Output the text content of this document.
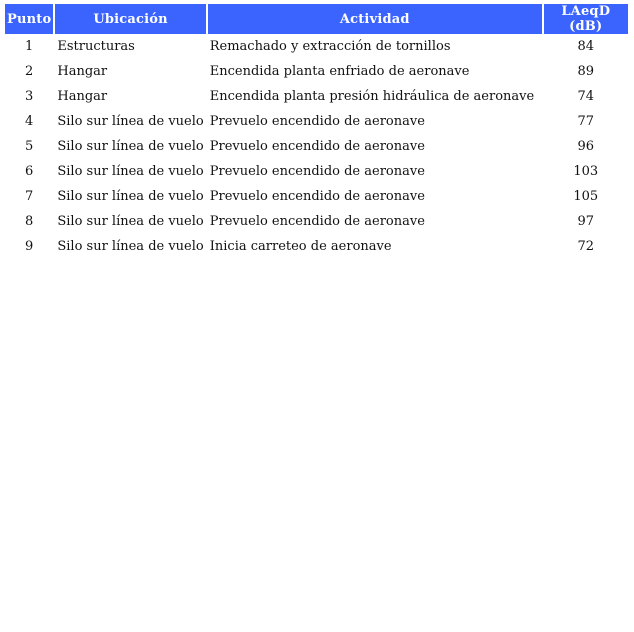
Punto	Ubicación	Actividad	LAeqD (dB)
1	Estructuras	Remachado y extracción de tornillos	84
2	Hangar	Encendida planta enfriado de aeronave	89
3	Hangar	Encendida planta presión hidráulica de aeronave	74
4	Silo sur línea de vuelo	Prevuelo encendido de aeronave	77
5	Silo sur línea de vuelo	Prevuelo encendido de aeronave	96
6	Silo sur línea de vuelo	Prevuelo encendido de aeronave	103
7	Silo sur línea de vuelo	Prevuelo encendido de aeronave	105
8	Silo sur línea de vuelo	Prevuelo encendido de aeronave	97
9	Silo sur línea de vuelo	Inicia carreteo de aeronave	72
